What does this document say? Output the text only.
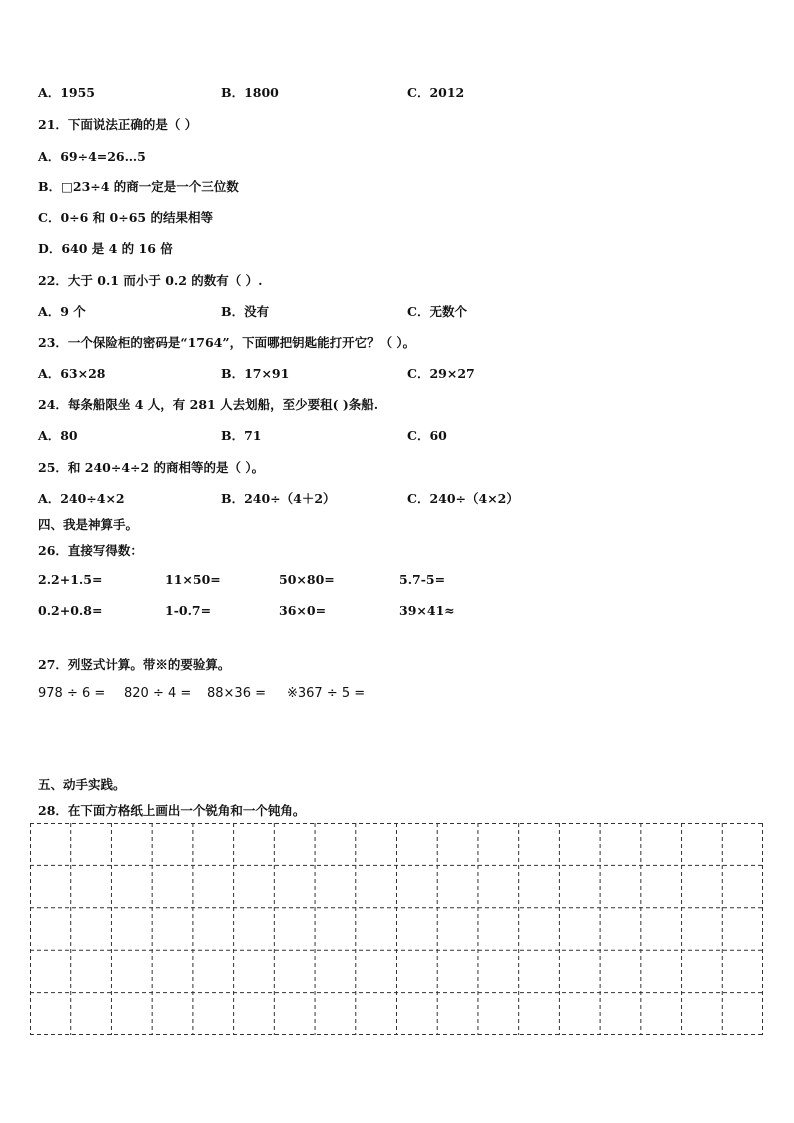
A．1955	B．1800	C．2012
21．下面说法正确的是（ ）
A．69÷4=26…5
B．□23÷4 的商一定是一个三位数
C．0÷6 和 0÷65 的结果相等
D．640 是 4 的 16 倍
22．大于 0.1 而小于 0.2 的数有（ ）.
A．9 个	B．没有	C．无数个
23．一个保险柜的密码是“1764”，下面哪把钥匙能打开它？（ ）。
A．63×28	B．17×91	C．29×27
24．每条船限坐 4 人，有 281 人去划船，至少要租( )条船.
A．80	B．71	C．60
25．和 240÷4÷2 的商相等的是（ ）。
A．240÷4×2	B．240÷（4＋2）	C．240÷（4×2）
四、我是神算手。
26．直接写得数：
2.2+1.5=	11×50=	50×80=	5.7-5=
0.2+0.8=	1-0.7=	36×0=	39×41≈
27．列竖式计算。带※的要验算。
978 ÷ 6 = 820 ÷ 4 = 88×36 = ※367 ÷ 5 =
五、动手实践。
28．在下面方格纸上画出一个锐角和一个钝角。
